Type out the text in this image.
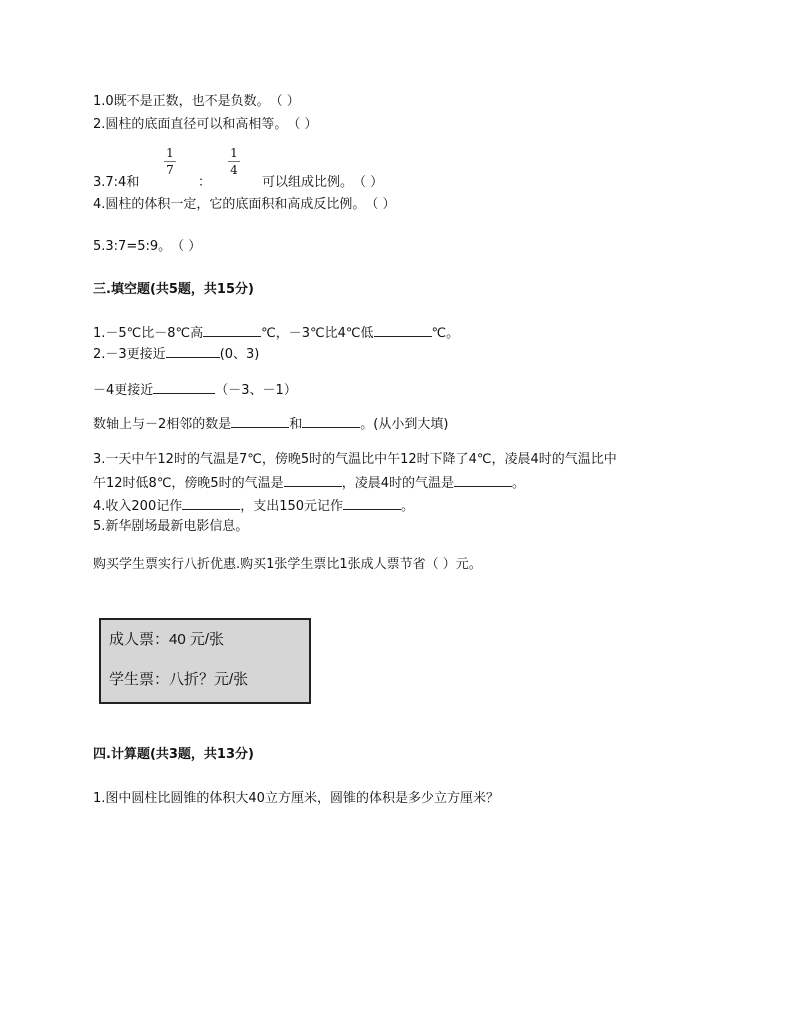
1.0既不是正数，也不是负数。　（ ）
2.圆柱的底面直径可以和高相等。　（ ）
1
7
1
4
3.7:4和	：	可以组成比例。　（ ）
4.圆柱的体积一定，它的底面积和高成反比例。　（ ）
5.3:7=5:9。　（ ）
三.填空题(共5题，共15分)
1.－5℃比－8℃高	℃，－3℃比4℃低	℃。
2.－3更接近	(0、3)
－4更接近	（－3、－1）
数轴上与－2相邻的数是	和	。(从小到大填)
3.一天中午12时的气温是7℃，傍晚5时的气温比中午12时下降了4℃，凌晨4时的气温比中
午12时低8℃，傍晚5时的气温是	，凌晨4时的气温是	。
4.收入200记作	，支出150元记作	。
5.新华剧场最新电影信息。
购买学生票实行八折优惠.购买1张学生票比1张成人票节省（ ）元。
成人票：40 元/张
学生票：八折？元/张
四.计算题(共3题，共13分)
1.图中圆柱比圆锥的体积大40立方厘米，圆锥的体积是多少立方厘米？
